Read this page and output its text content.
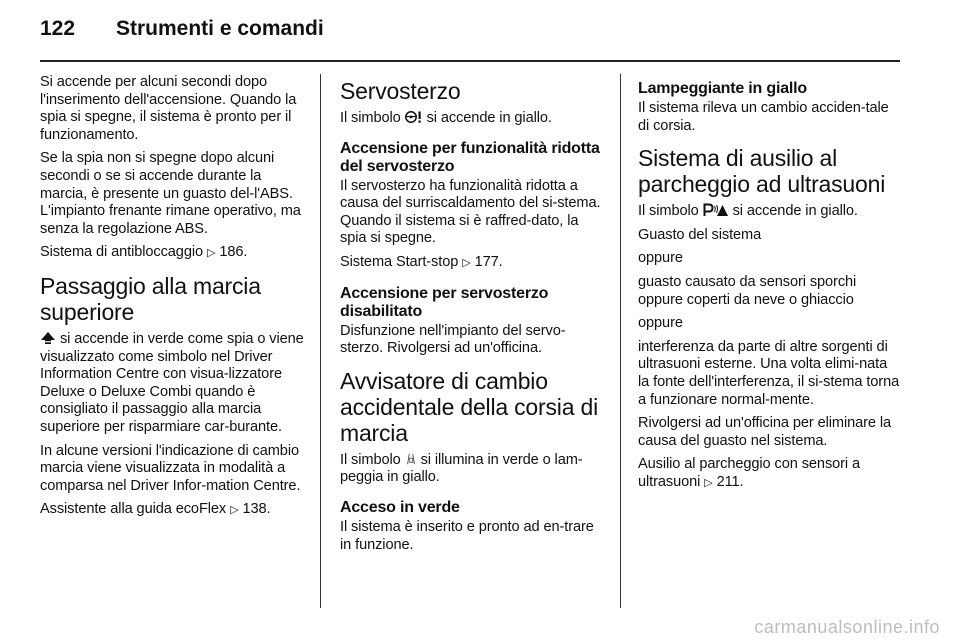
122	Strumenti e comandi

Si accende per alcuni secondi dopo l'inserimento dell'accensione. Quando la spia si spegne, il sistema è pronto per il funzionamento.

Se la spia non si spegne dopo alcuni secondi o se si accende durante la marcia, è presente un guasto del-l'ABS. L'impianto frenante rimane operativo, ma senza la regolazione ABS.

Sistema di antibloccaggio ▷ 186.

Passaggio alla marcia superiore

si accende in verde come spia o viene visualizzato come simbolo nel Driver Information Centre con visua-lizzatore Deluxe o Deluxe Combi quando è consigliato il passaggio alla marcia superiore per risparmiare car-burante.

In alcune versioni l'indicazione di cambio marcia viene visualizzata in modalità a comparsa nel Driver Infor-mation Centre.

Assistente alla guida ecoFlex ▷ 138.

Servosterzo

Il simbolo si accende in giallo.

Accensione per funzionalità ridotta del servosterzo

Il servosterzo ha funzionalità ridotta a causa del surriscaldamento del si-stema. Quando il sistema si è raffred-dato, la spia si spegne.

Sistema Start-stop ▷ 177.

Accensione per servosterzo disabilitato

Disfunzione nell'impianto del servo-sterzo. Rivolgersi ad un'officina.

Avvisatore di cambio accidentale della corsia di marcia

Il simbolo si illumina in verde o lam-peggia in giallo.

Acceso in verde

Il sistema è inserito e pronto ad en-trare in funzione.

Lampeggiante in giallo

Il sistema rileva un cambio acciden-tale di corsia.

Sistema di ausilio al parcheggio ad ultrasuoni

Il simbolo si accende in giallo.

Guasto del sistema

oppure

guasto causato da sensori sporchi oppure coperti da neve o ghiaccio

oppure

interferenza da parte di altre sorgenti di ultrasuoni esterne. Una volta elimi-nata la fonte dell'interferenza, il si-stema torna a funzionare normal-mente.

Rivolgersi ad un'officina per eliminare la causa del guasto nel sistema.

Ausilio al parcheggio con sensori a ultrasuoni ▷ 211.

carmanualsonline.info
